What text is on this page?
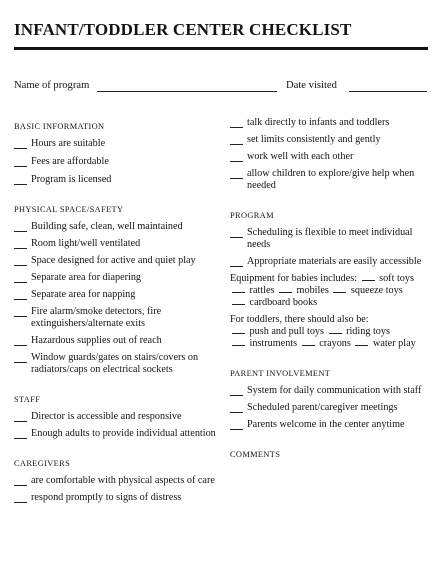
INFANT/TODDLER CENTER CHECKLIST
Name of program	Date visited
BASIC INFORMATION
Hours are suitable
Fees are affordable
Program is licensed
PHYSICAL SPACE/SAFETY
Building safe, clean, well maintained
Room light/well ventilated
Space designed for active and quiet play
Separate area for diapering
Separate area for napping
Fire alarm/smoke detectors, fire extinguishers/alternate exits
Hazardous supplies out of reach
Window guards/gates on stairs/covers on radiators/caps on electrical sockets
STAFF
Director is accessible and responsive
Enough adults to provide individual attention
CAREGIVERS
are comfortable with physical aspects of care
respond promptly to signs of distress
talk directly to infants and toddlers
set limits consistently and gently
work well with each other
allow children to explore/give help when needed
PROGRAM
Scheduling is flexible to meet individual needs
Appropriate materials are easily accessible
Equipment for babies includes: soft toys
rattles mobiles squeeze toys
cardboard books
For toddlers, there should also be:
push and pull toys riding toys
instruments crayons water play
PARENT INVOLVEMENT
System for daily communication with staff
Scheduled parent/caregiver meetings
Parents welcome in the center anytime
COMMENTS
